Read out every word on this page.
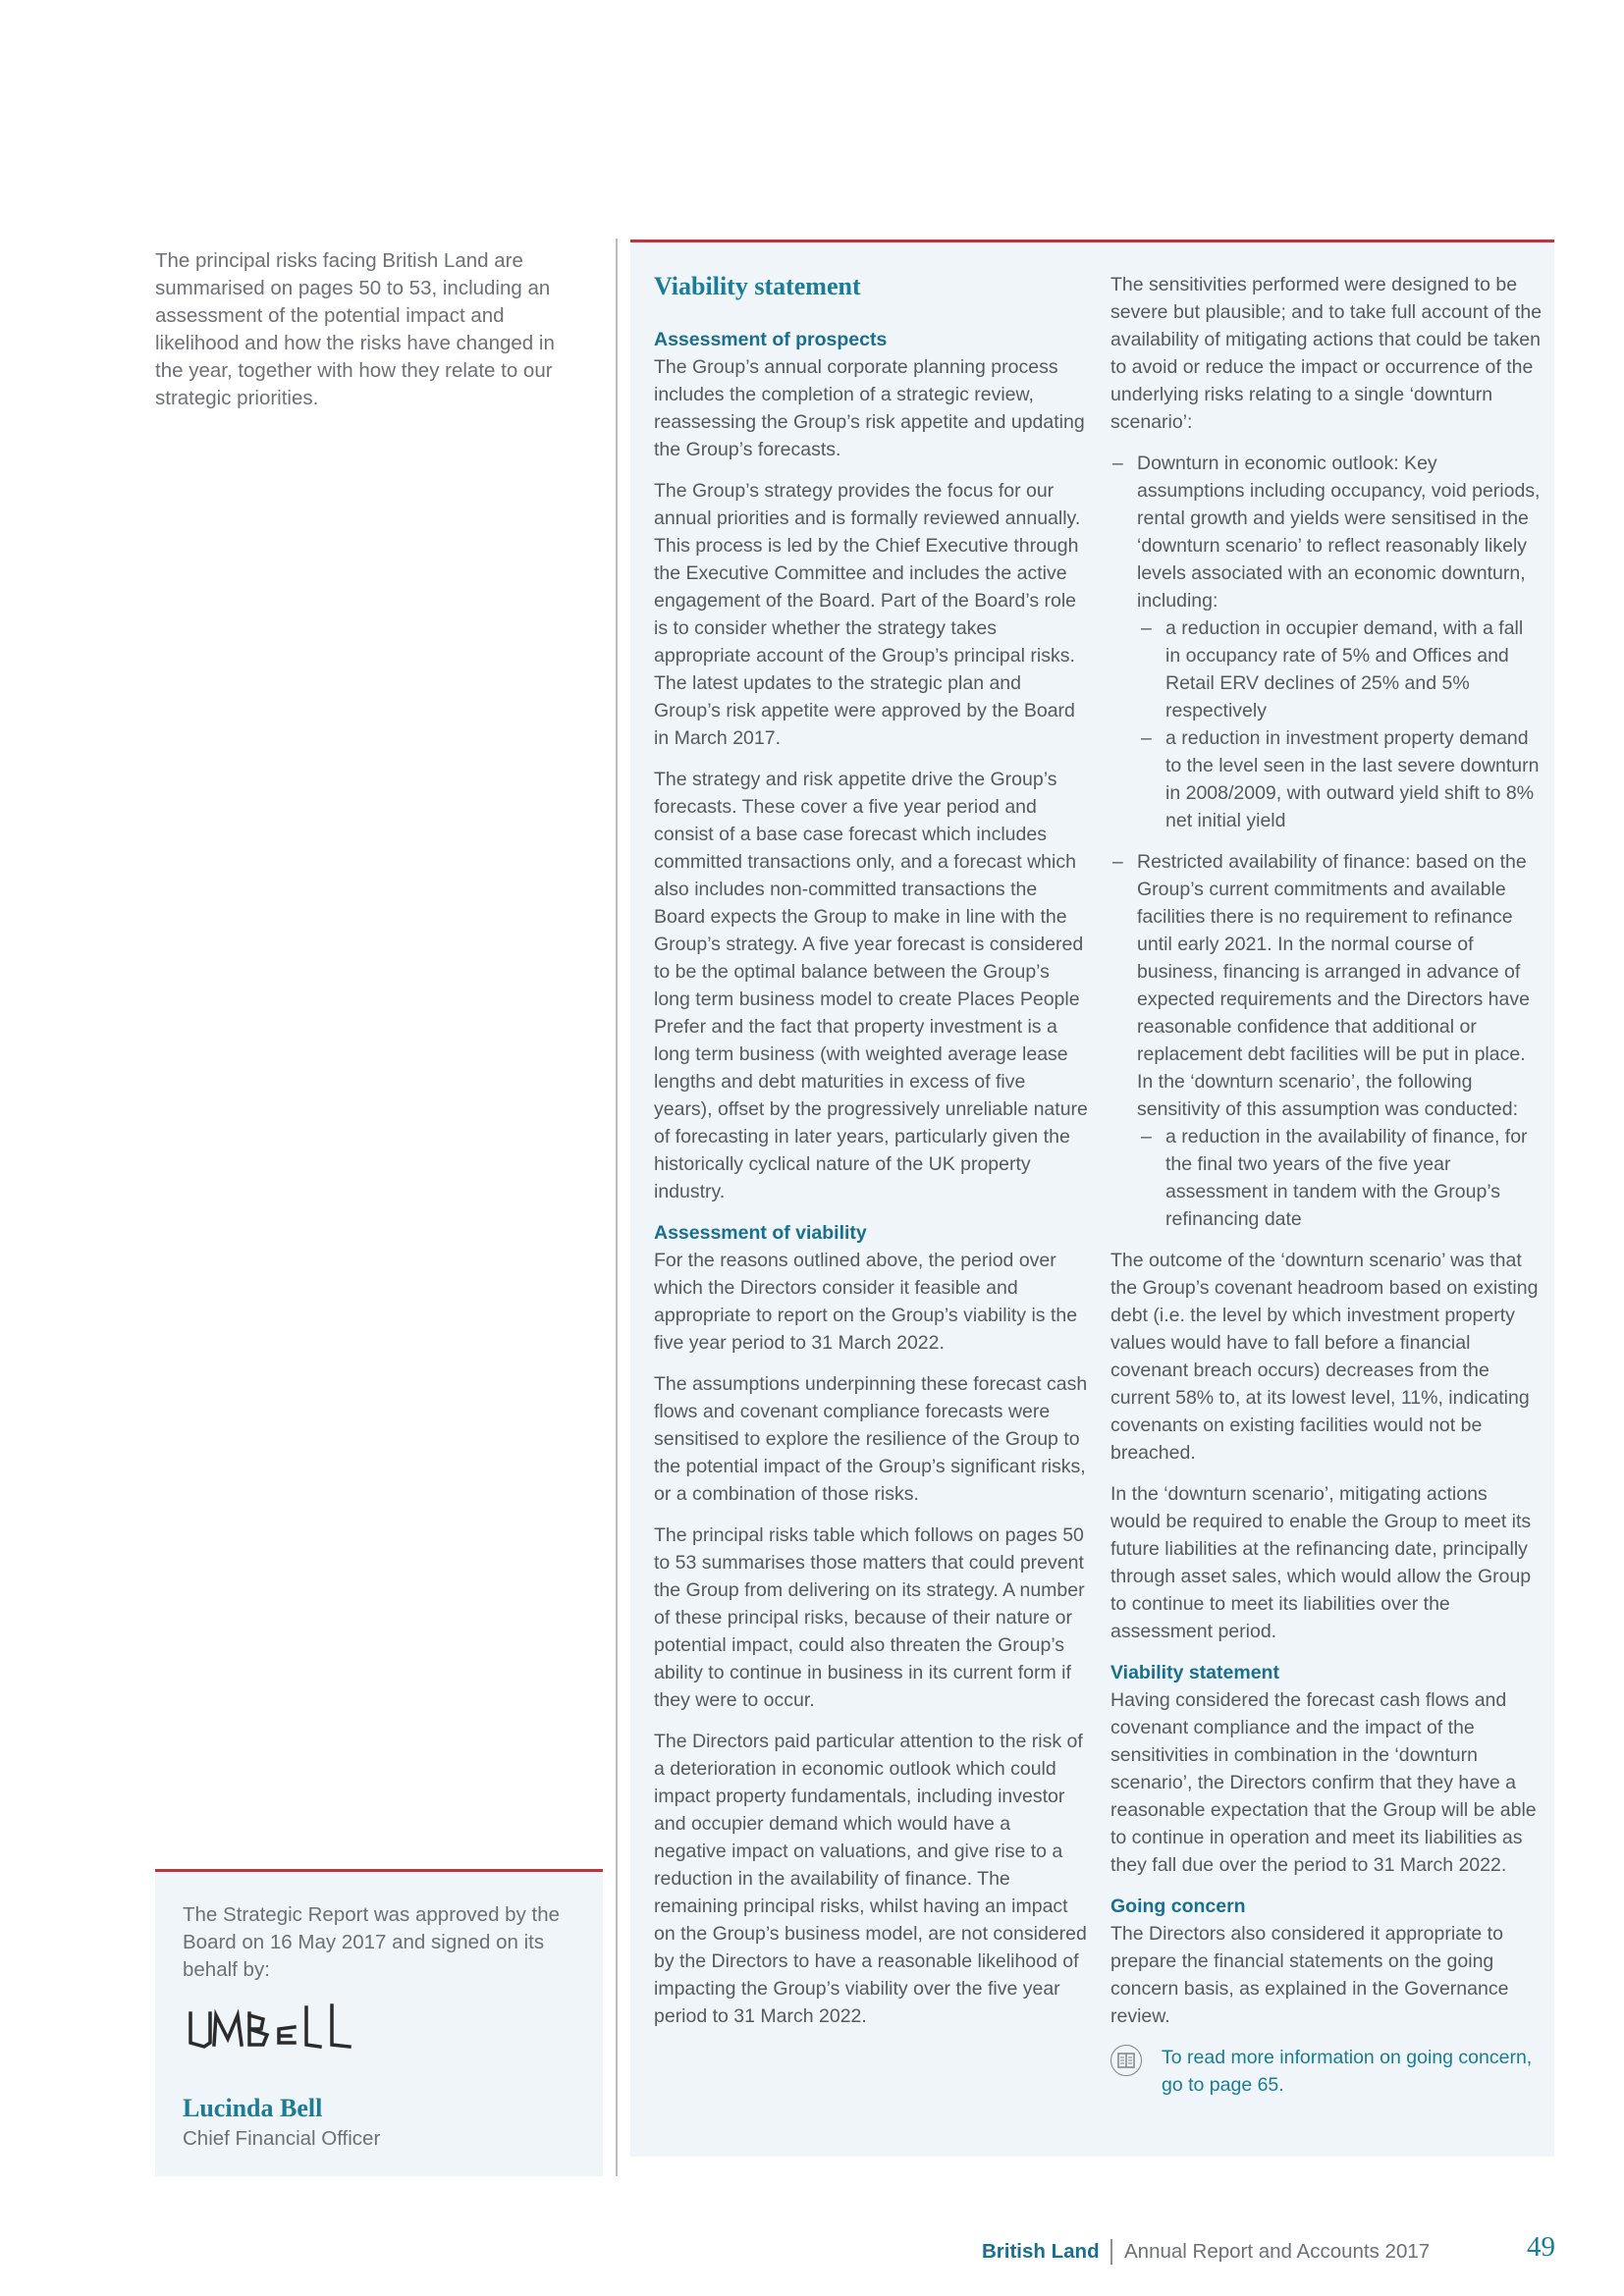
The principal risks facing British Land are summarised on pages 50 to 53, including an assessment of the potential impact and likelihood and how the risks have changed in the year, together with how they relate to our strategic priorities.

Viability statement

Assessment of prospects

The Group’s annual corporate planning process includes the completion of a strategic review, reassessing the Group’s risk appetite and updating the Group’s forecasts.

The Group’s strategy provides the focus for our annual priorities and is formally reviewed annually. This process is led by the Chief Executive through the Executive Committee and includes the active engagement of the Board. Part of the Board’s role is to consider whether the strategy takes appropriate account of the Group’s principal risks. The latest updates to the strategic plan and Group’s risk appetite were approved by the Board in March 2017.

The strategy and risk appetite drive the Group’s forecasts. These cover a five year period and consist of a base case forecast which includes committed transactions only, and a forecast which also includes non-committed transactions the Board expects the Group to make in line with the Group’s strategy. A five year forecast is considered to be the optimal balance between the Group’s long term business model to create Places People Prefer and the fact that property investment is a long term business (with weighted average lease lengths and debt maturities in excess of five years), offset by the progressively unreliable nature of forecasting in later years, particularly given the historically cyclical nature of the UK property industry.

Assessment of viability

For the reasons outlined above, the period over which the Directors consider it feasible and appropriate to report on the Group’s viability is the five year period to 31 March 2022.

The assumptions underpinning these forecast cash flows and covenant compliance forecasts were sensitised to explore the resilience of the Group to the potential impact of the Group’s significant risks, or a combination of those risks.

The principal risks table which follows on pages 50 to 53 summarises those matters that could prevent the Group from delivering on its strategy. A number of these principal risks, because of their nature or potential impact, could also threaten the Group’s ability to continue in business in its current form if they were to occur.

The Directors paid particular attention to the risk of a deterioration in economic outlook which could impact property fundamentals, including investor and occupier demand which would have a negative impact on valuations, and give rise to a reduction in the availability of finance. The remaining principal risks, whilst having an impact on the Group’s business model, are not considered by the Directors to have a reasonable likelihood of impacting the Group’s viability over the five year period to 31 March 2022.

The sensitivities performed were designed to be severe but plausible; and to take full account of the availability of mitigating actions that could be taken to avoid or reduce the impact or occurrence of the underlying risks relating to a single ‘downturn scenario’:

– Downturn in economic outlook: Key assumptions including occupancy, void periods, rental growth and yields were sensitised in the ‘downturn scenario’ to reflect reasonably likely levels associated with an economic downturn, including:
– a reduction in occupier demand, with a fall in occupancy rate of 5% and Offices and Retail ERV declines of 25% and 5% respectively
– a reduction in investment property demand to the level seen in the last severe downturn in 2008/2009, with outward yield shift to 8% net initial yield
– Restricted availability of finance: based on the Group’s current commitments and available facilities there is no requirement to refinance until early 2021. In the normal course of business, financing is arranged in advance of expected requirements and the Directors have reasonable confidence that additional or replacement debt facilities will be put in place. In the ‘downturn scenario’, the following sensitivity of this assumption was conducted:
– a reduction in the availability of finance, for the final two years of the five year assessment in tandem with the Group’s refinancing date

The outcome of the ‘downturn scenario’ was that the Group’s covenant headroom based on existing debt (i.e. the level by which investment property values would have to fall before a financial covenant breach occurs) decreases from the current 58% to, at its lowest level, 11%, indicating covenants on existing facilities would not be breached.

In the ‘downturn scenario’, mitigating actions would be required to enable the Group to meet its future liabilities at the refinancing date, principally through asset sales, which would allow the Group to continue to meet its liabilities over the assessment period.

Viability statement

Having considered the forecast cash flows and covenant compliance and the impact of the sensitivities in combination in the ‘downturn scenario’, the Directors confirm that they have a reasonable expectation that the Group will be able to continue in operation and meet its liabilities as they fall due over the period to 31 March 2022.

Going concern

The Directors also considered it appropriate to prepare the financial statements on the going concern basis, as explained in the Governance review.

To read more information on going concern, go to page 65.

The Strategic Report was approved by the Board on 16 May 2017 and signed on its behalf by:

Lucinda Bell
Chief Financial Officer
British Land Annual Report and Accounts 2017	49
